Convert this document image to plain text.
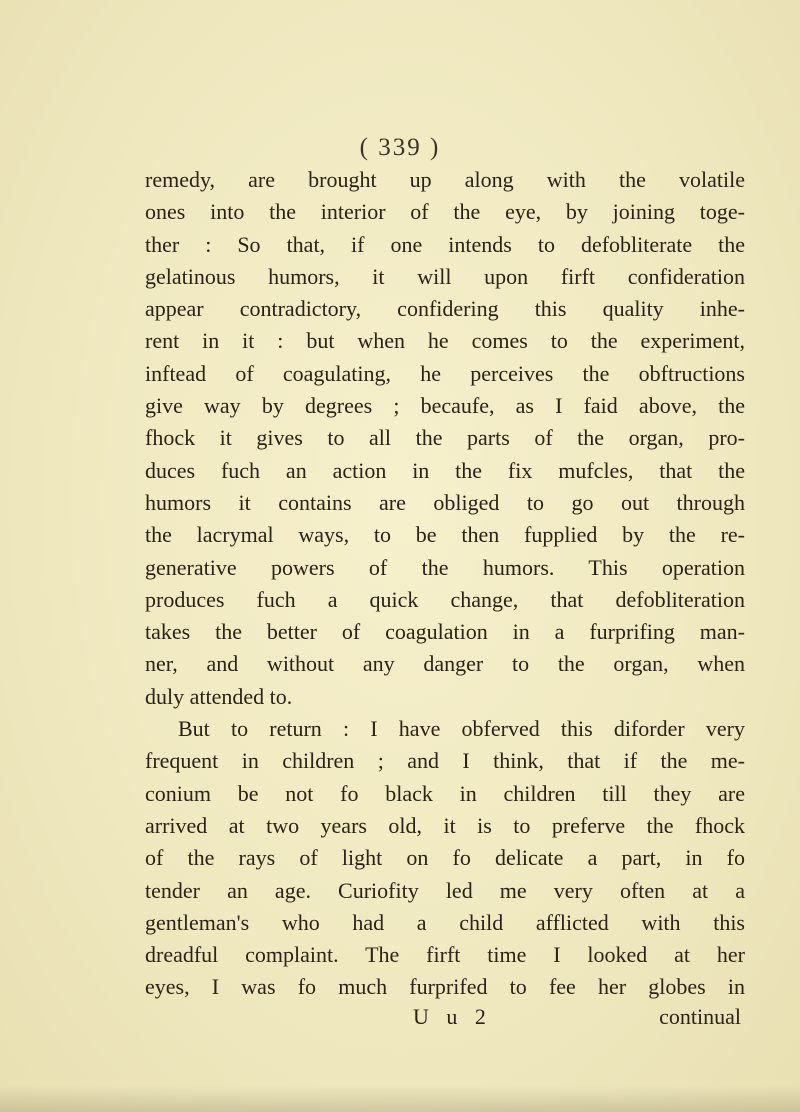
( 339 )
remedy, are brought up along with the volatile
ones into the interior of the eye, by joining toge-
ther : So that, if one intends to defobliterate the
gelatinous humors, it will upon firft confideration
appear contradictory, confidering this quality inhe-
rent in it : but when he comes to the experiment,
inftead of coagulating, he perceives the obftructions
give way by degrees ; becaufe, as I faid above, the
fhock it gives to all the parts of the organ, pro-
duces fuch an action in the fix mufcles, that the
humors it contains are obliged to go out through
the lacrymal ways, to be then fupplied by the re-
generative powers of the humors. This operation
produces fuch a quick change, that defobliteration
takes the better of coagulation in a furprifing man-
ner, and without any danger to the organ, when
duly attended to.
But to return : I have obferved this diforder very
frequent in children ; and I think, that if the me-
conium be not fo black in children till they are
arrived at two years old, it is to preferve the fhock
of the rays of light on fo delicate a part, in fo
tender an age. Curiofity led me very often at a
gentleman's who had a child afflicted with this
dreadful complaint. The firft time I looked at her
eyes, I was fo much furprifed to fee her globes in
U u 2	continual
